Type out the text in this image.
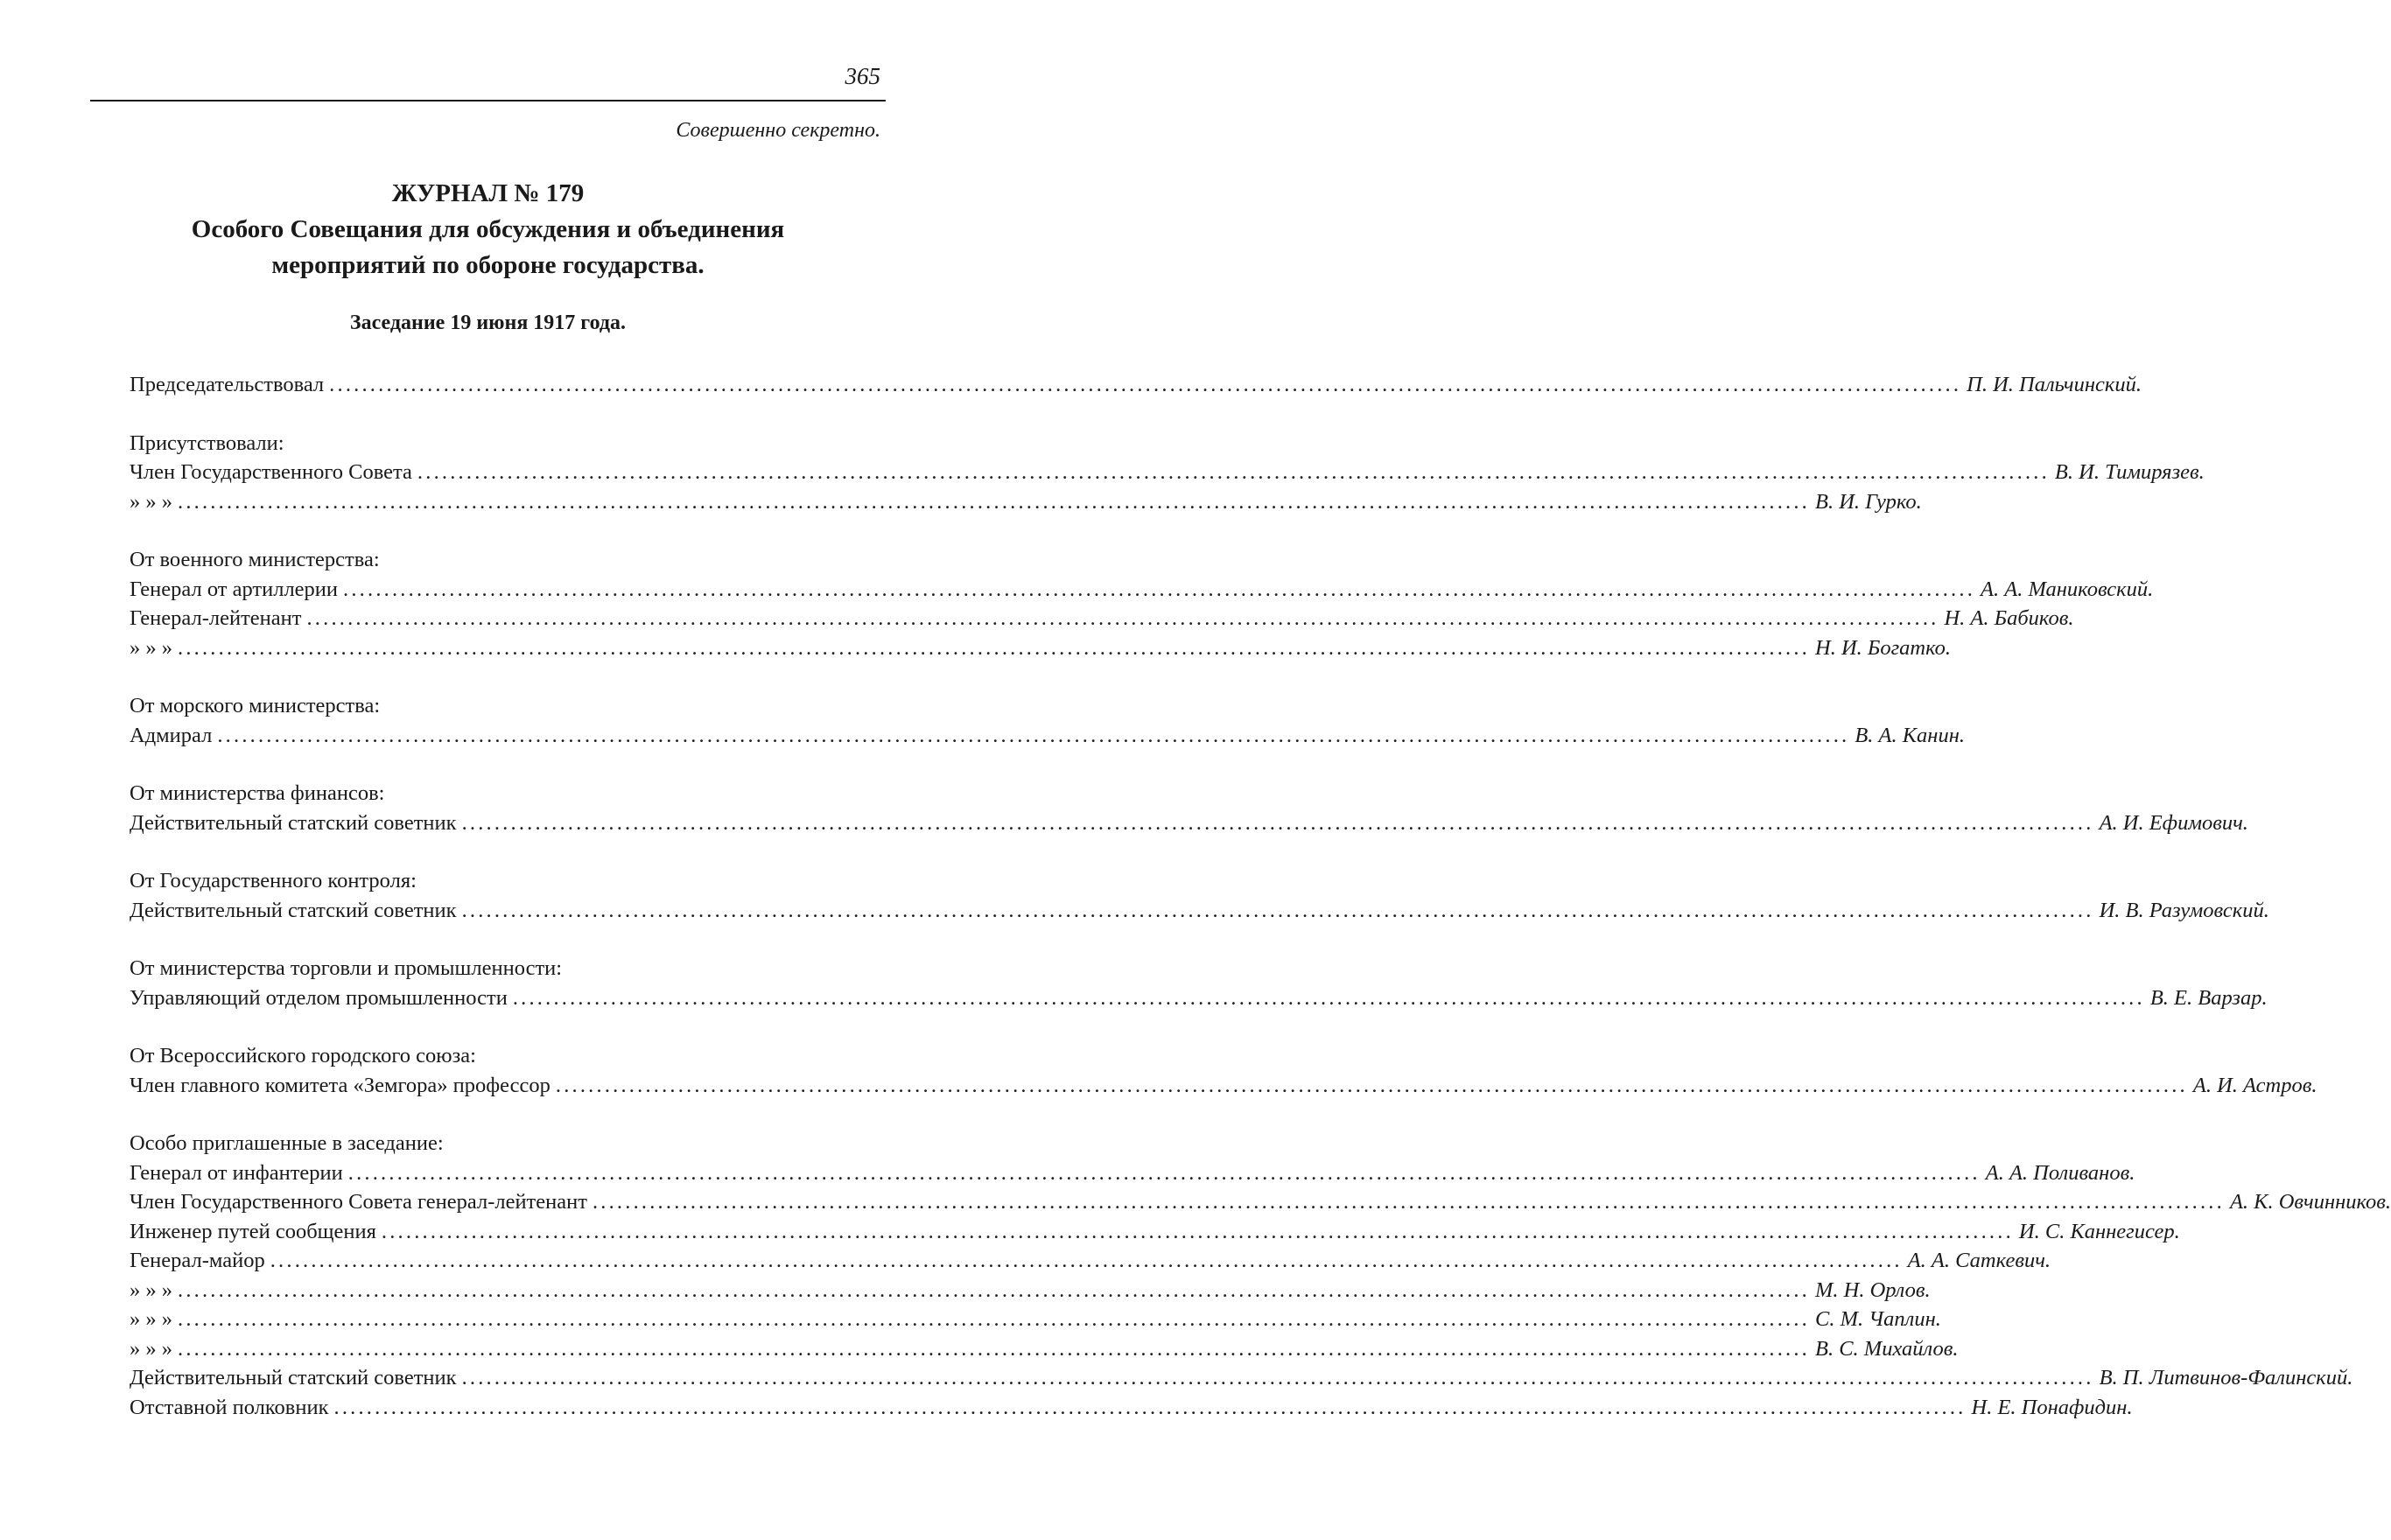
365
Совершенно секретно.
ЖУРНАЛ № 179
Особого Совещания для обсуждения и объединения
мероприятий по обороне государства.
Заседание 19 июня 1917 года.
Председательствовал ........................................................................................................................................................................................................ П. И. Пальчинский.
Присутствовали:
Член Государственного Совета ........................................................................................................................................................................................................ В. И. Тимирязев.
» » » ........................................................................................................................................................................................................ В. И. Гурко.
От военного министерства:
Генерал от артиллерии ........................................................................................................................................................................................................ А. А. Маниковский.
Генерал-лейтенант ........................................................................................................................................................................................................ Н. А. Бабиков.
» » » ........................................................................................................................................................................................................ Н. И. Богатко.
От морского министерства:
Адмирал ........................................................................................................................................................................................................ В. А. Канин.
От министерства финансов:
Действительный статский советник ........................................................................................................................................................................................................ А. И. Ефимович.
От Государственного контроля:
Действительный статский советник ........................................................................................................................................................................................................ И. В. Разумовский.
От министерства торговли и промышленности:
Управляющий отделом промышленности ........................................................................................................................................................................................................ В. Е. Варзар.
От Всероссийского городского союза:
Член главного комитета «Земгора» профессор ........................................................................................................................................................................................................ А. И. Астров.
Особо приглашенные в заседание:
Генерал от инфантерии ........................................................................................................................................................................................................ А. А. Поливанов.
Член Государственного Совета генерал-лейтенант ........................................................................................................................................................................................................ А. К. Овчинников.
Инженер путей сообщения ........................................................................................................................................................................................................ И. С. Каннегисер.
Генерал-майор ........................................................................................................................................................................................................ А. А. Саткевич.
» » » ........................................................................................................................................................................................................ М. Н. Орлов.
» » » ........................................................................................................................................................................................................ С. М. Чаплин.
» » » ........................................................................................................................................................................................................ В. С. Михайлов.
Действительный статский советник ........................................................................................................................................................................................................ В. П. Литвинов-Фалинский.
Отставной полковник ........................................................................................................................................................................................................ Н. Е. Понафидин.
